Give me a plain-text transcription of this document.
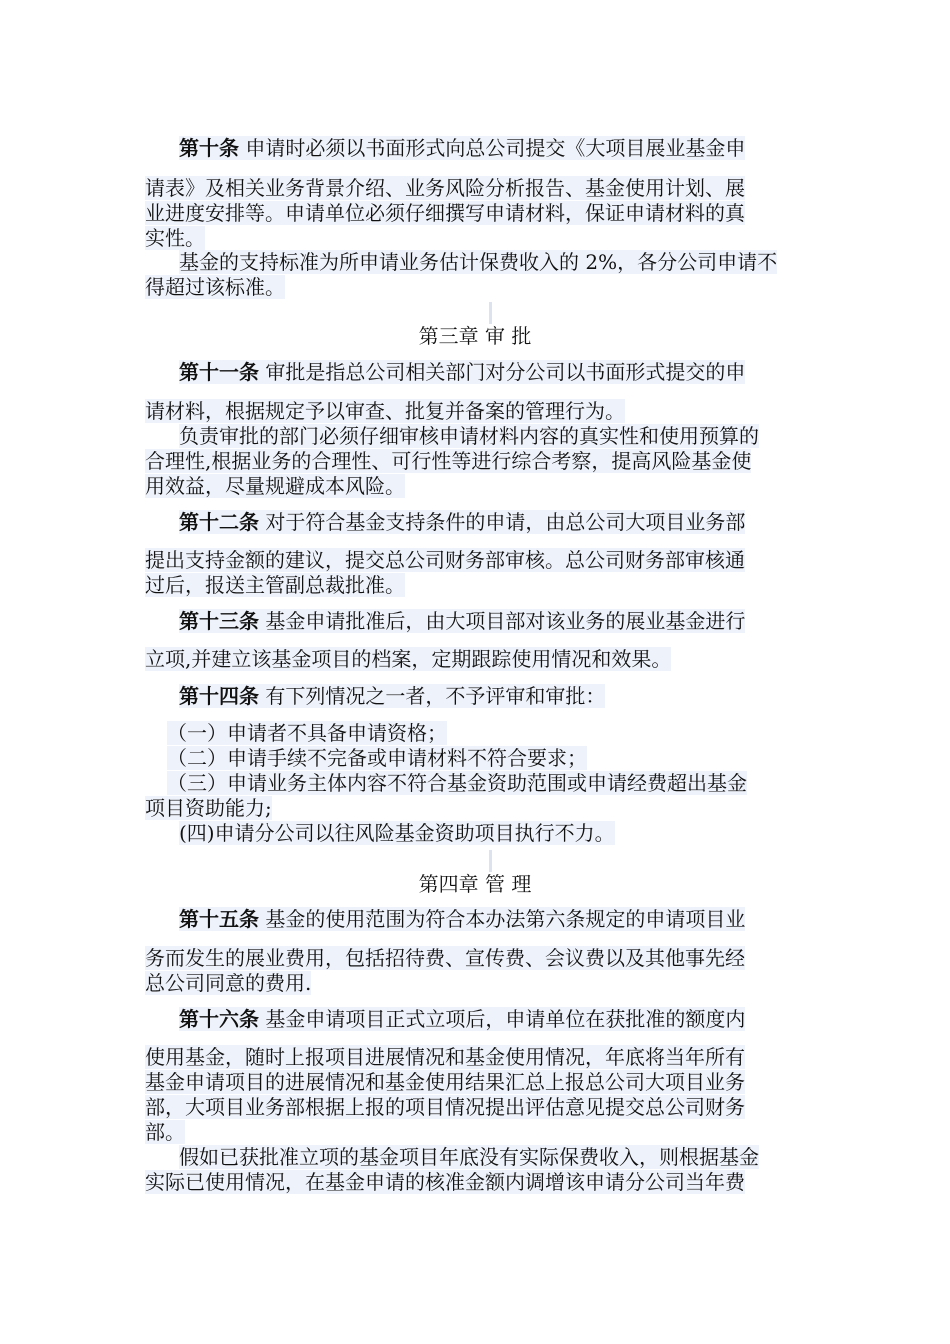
第十条 申请时必须以书面形式向总公司提交《大项目展业基金申
请表》及相关业务背景介绍、业务风险分析报告、基金使用计划、展
业进度安排等。申请单位必须仔细撰写申请材料，保证申请材料的真
实性。
基金的支持标准为所申请业务估计保费收入的 2%，各分公司申请不
得超过该标准。

第三章 审 批

第十一条 审批是指总公司相关部门对分公司以书面形式提交的申
请材料，根据规定予以审查、批复并备案的管理行为。
负责审批的部门必须仔细审核申请材料内容的真实性和使用预算的
合理性,根据业务的合理性、可行性等进行综合考察，提高风险基金使
用效益，尽量规避成本风险。
第十二条 对于符合基金支持条件的申请，由总公司大项目业务部
提出支持金额的建议，提交总公司财务部审核。总公司财务部审核通
过后，报送主管副总裁批准。
第十三条 基金申请批准后，由大项目部对该业务的展业基金进行
立项,并建立该基金项目的档案，定期跟踪使用情况和效果。
第十四条 有下列情况之一者，不予评审和审批：
（一）申请者不具备申请资格；
（二）申请手续不完备或申请材料不符合要求；
（三）申请业务主体内容不符合基金资助范围或申请经费超出基金
项目资助能力;
(四)申请分公司以往风险基金资助项目执行不力。

第四章 管 理

第十五条 基金的使用范围为符合本办法第六条规定的申请项目业
务而发生的展业费用，包括招待费、宣传费、会议费以及其他事先经
总公司同意的费用.
第十六条 基金申请项目正式立项后，申请单位在获批准的额度内
使用基金，随时上报项目进展情况和基金使用情况，年底将当年所有
基金申请项目的进展情况和基金使用结果汇总上报总公司大项目业务
部，大项目业务部根据上报的项目情况提出评估意见提交总公司财务
部。
假如已获批准立项的基金项目年底没有实际保费收入，则根据基金
实际已使用情况，在基金申请的核准金额内调增该申请分公司当年费
